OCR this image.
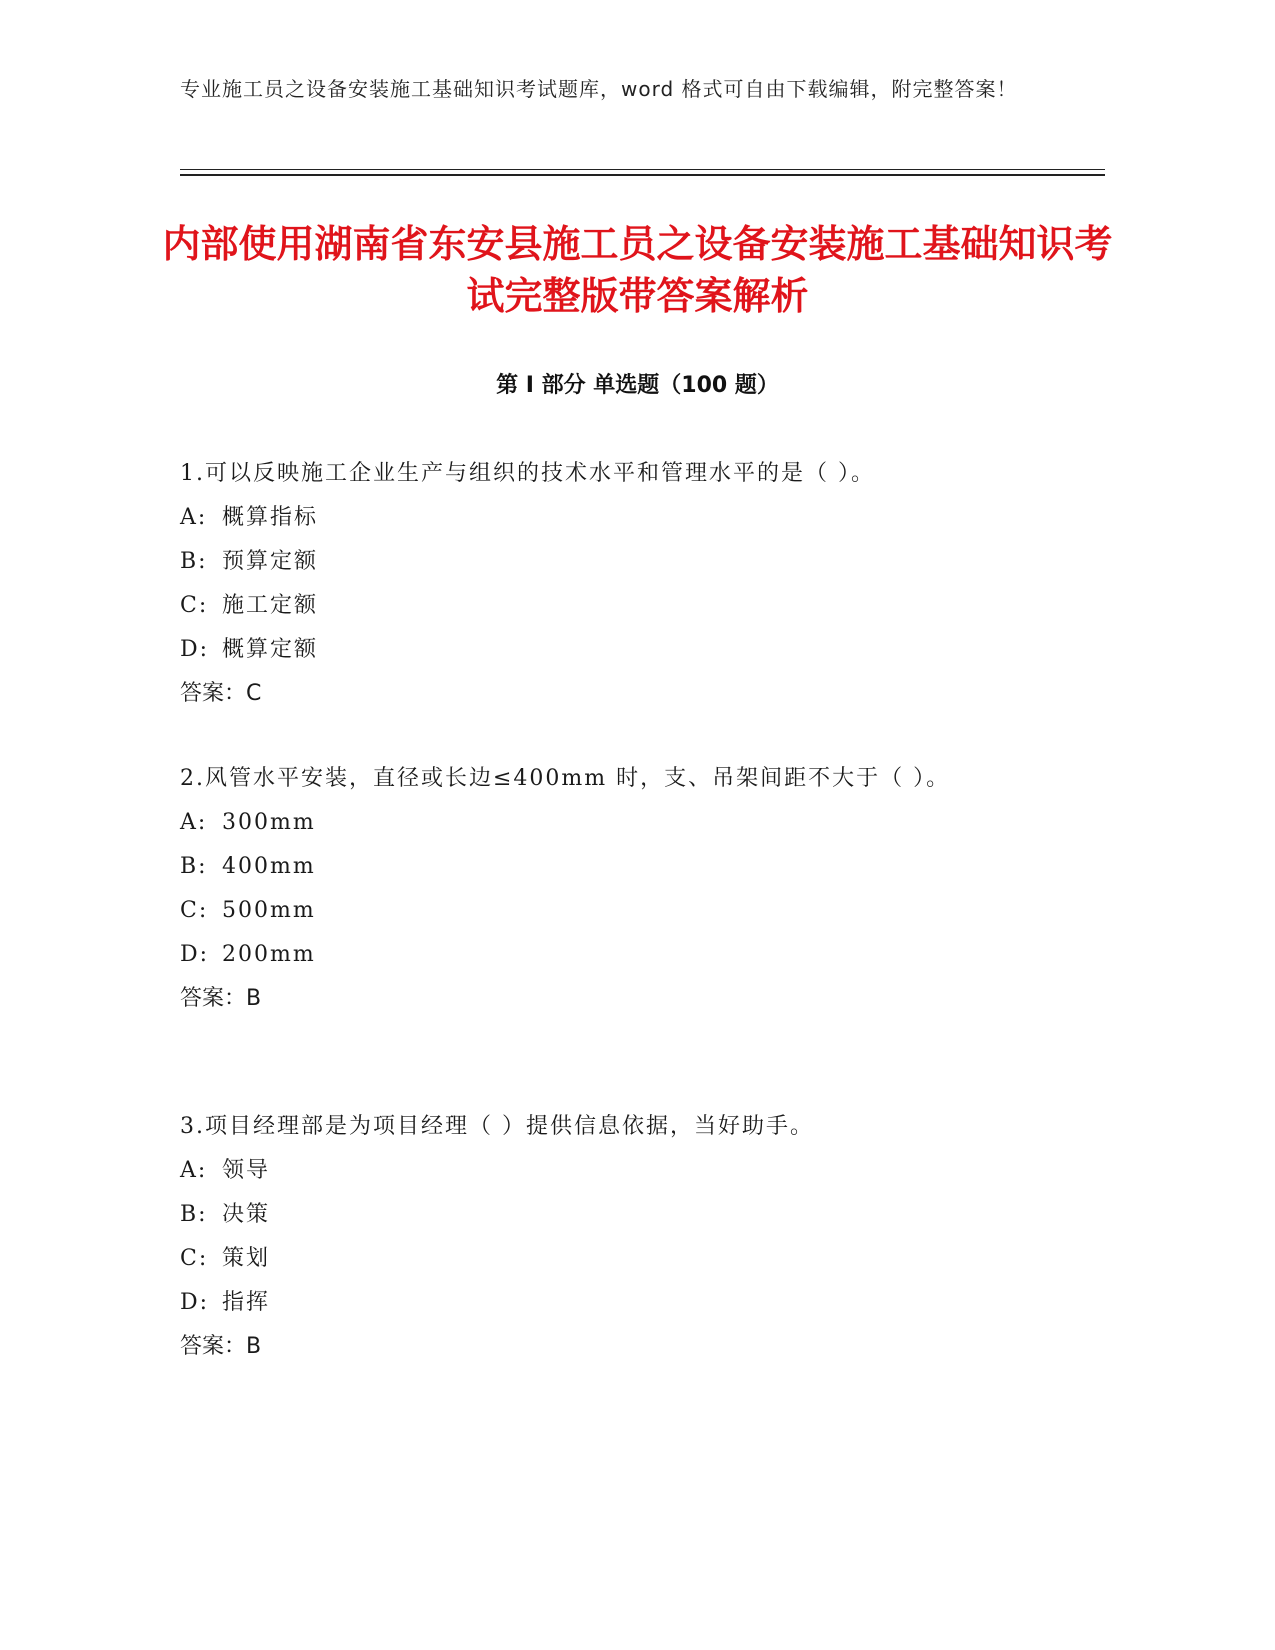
专业施工员之设备安装施工基础知识考试题库，word 格式可自由下载编辑，附完整答案！
内部使用湖南省东安县施工员之设备安装施工基础知识考试完整版带答案解析
第 I 部分 单选题（100 题）

1.可以反映施工企业生产与组织的技术水平和管理水平的是（ ）。

A: 概算指标

B: 预算定额

C: 施工定额

D: 概算定额

答案：C

2.风管水平安装，直径或长边≤400mm 时，支、吊架间距不大于（ ）。

A: 300mm

B: 400mm

C: 500mm

D: 200mm

答案：B

3.项目经理部是为项目经理（ ）提供信息依据，当好助手。

A: 领导

B: 决策

C: 策划

D: 指挥

答案：B
